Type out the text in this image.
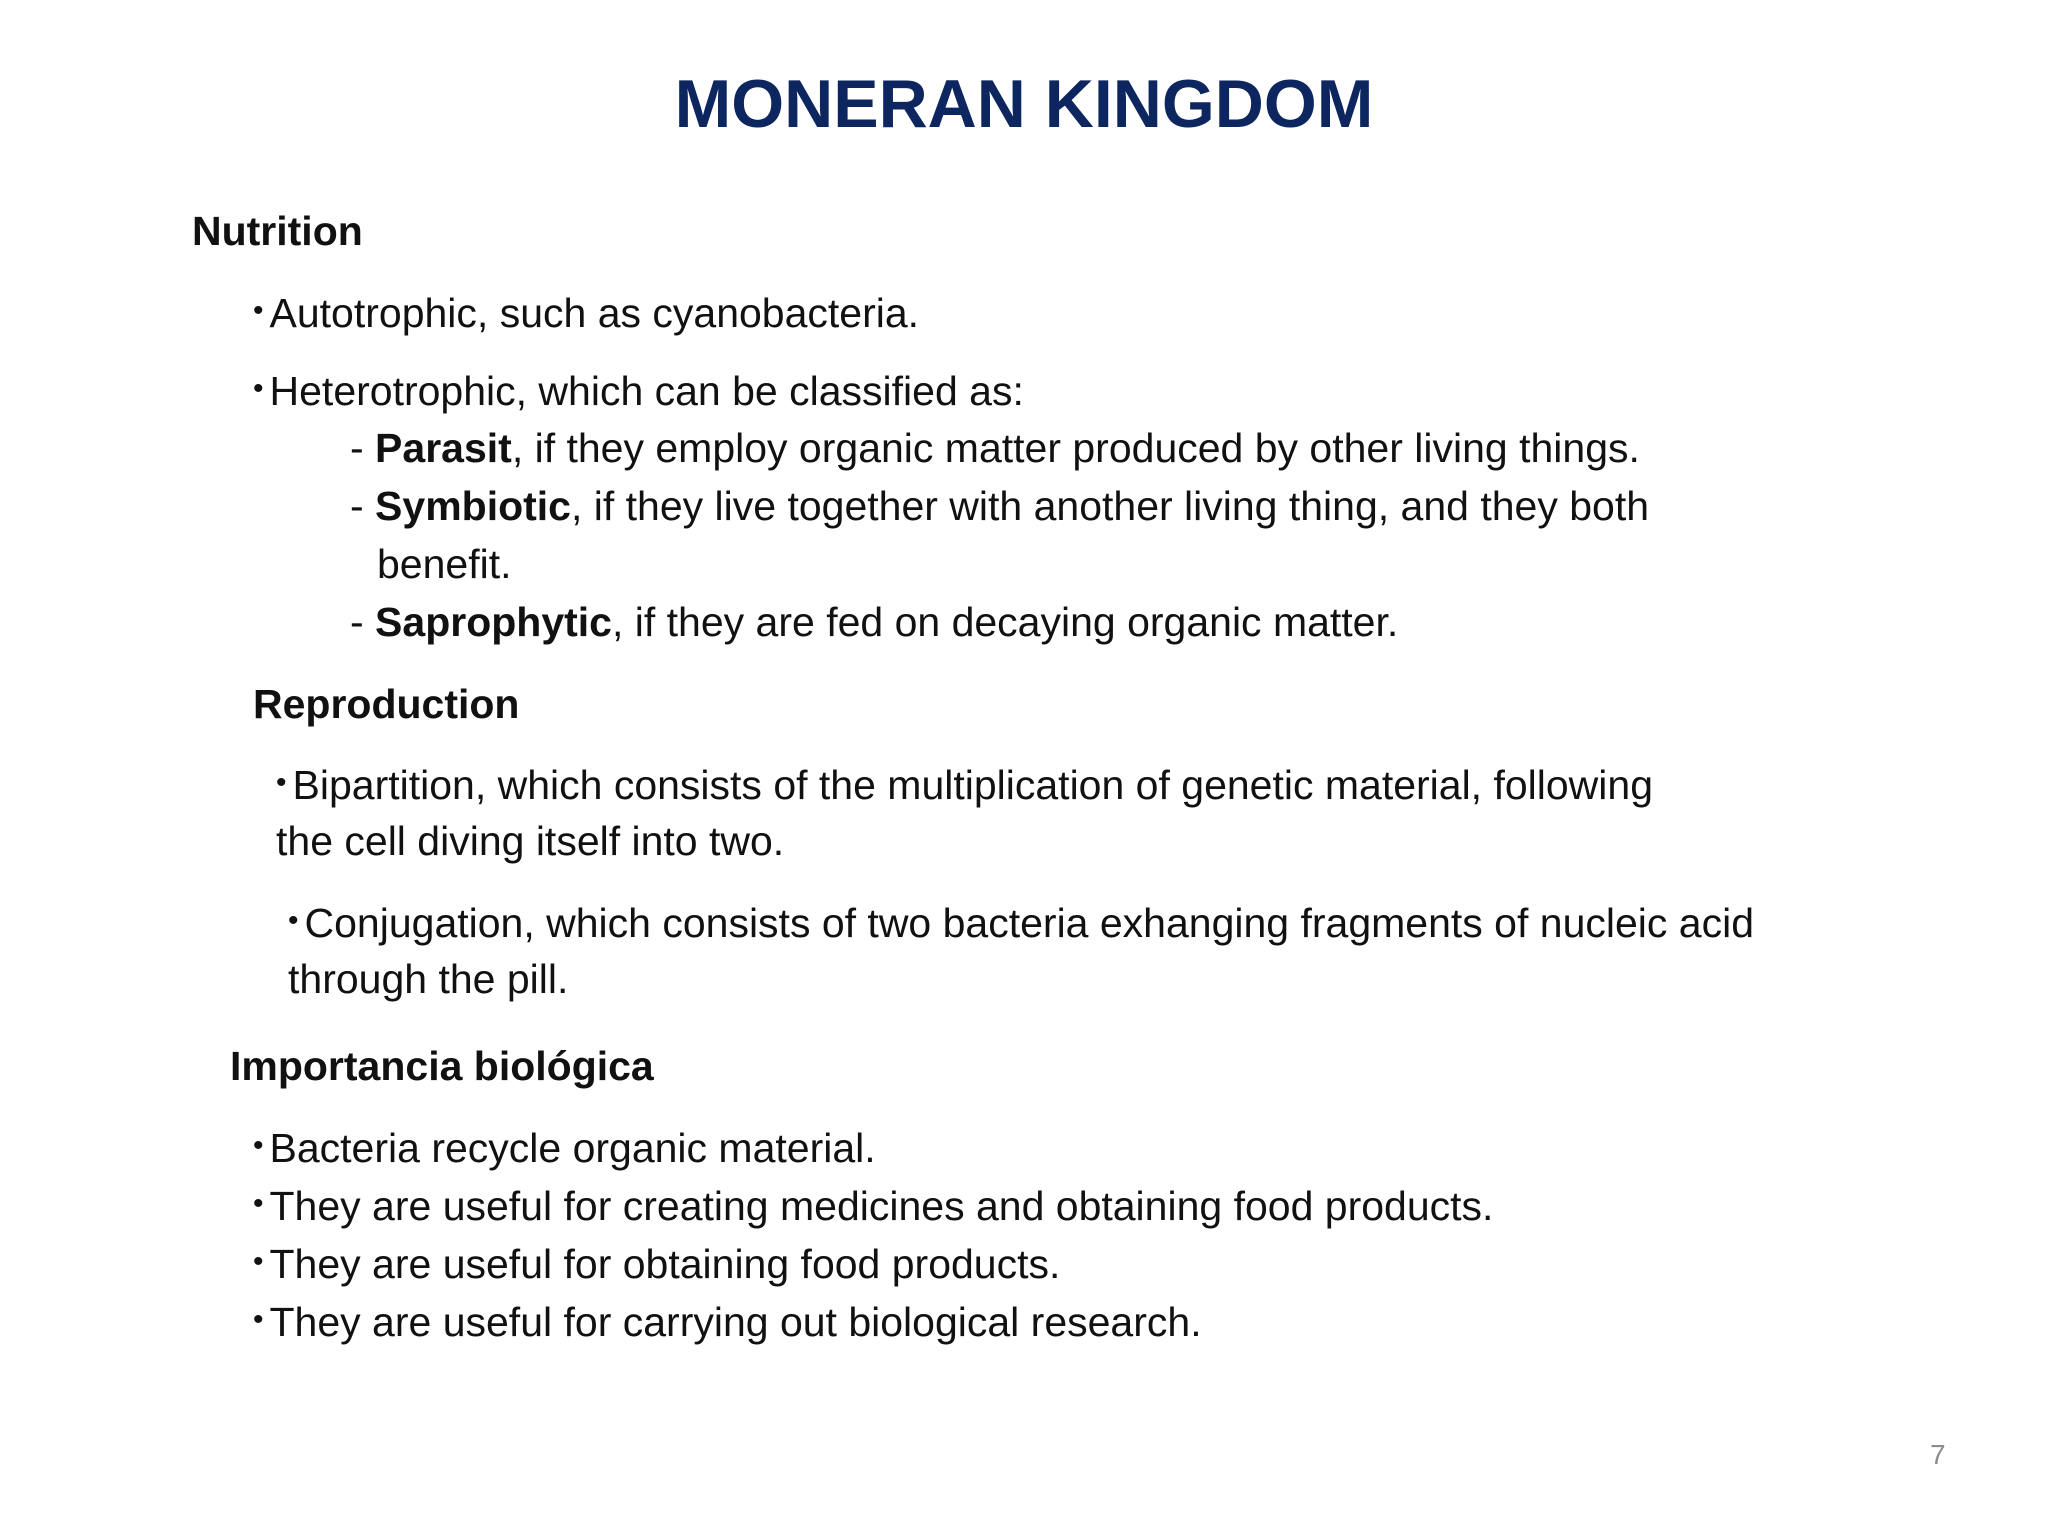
MONERAN KINGDOM
Nutrition

• Autotrophic, such as cyanobacteria.

• Heterotrophic, which can be classified as:

- Parasit, if they employ organic matter produced by other living things.

- Symbiotic, if they live together with another living thing, and they both

benefit.

- Saprophytic, if they are fed on decaying organic matter.

Reproduction

• Bipartition, which consists of the multiplication of genetic material, following

the cell diving itself into two.

• Conjugation, which consists of two bacteria exhanging fragments of nucleic acid

through the pill.

Importancia biológica

• Bacteria recycle organic material.

• They are useful for creating medicines and obtaining food products.

• They are useful for obtaining food products.

• They are useful for carrying out biological research.

7
